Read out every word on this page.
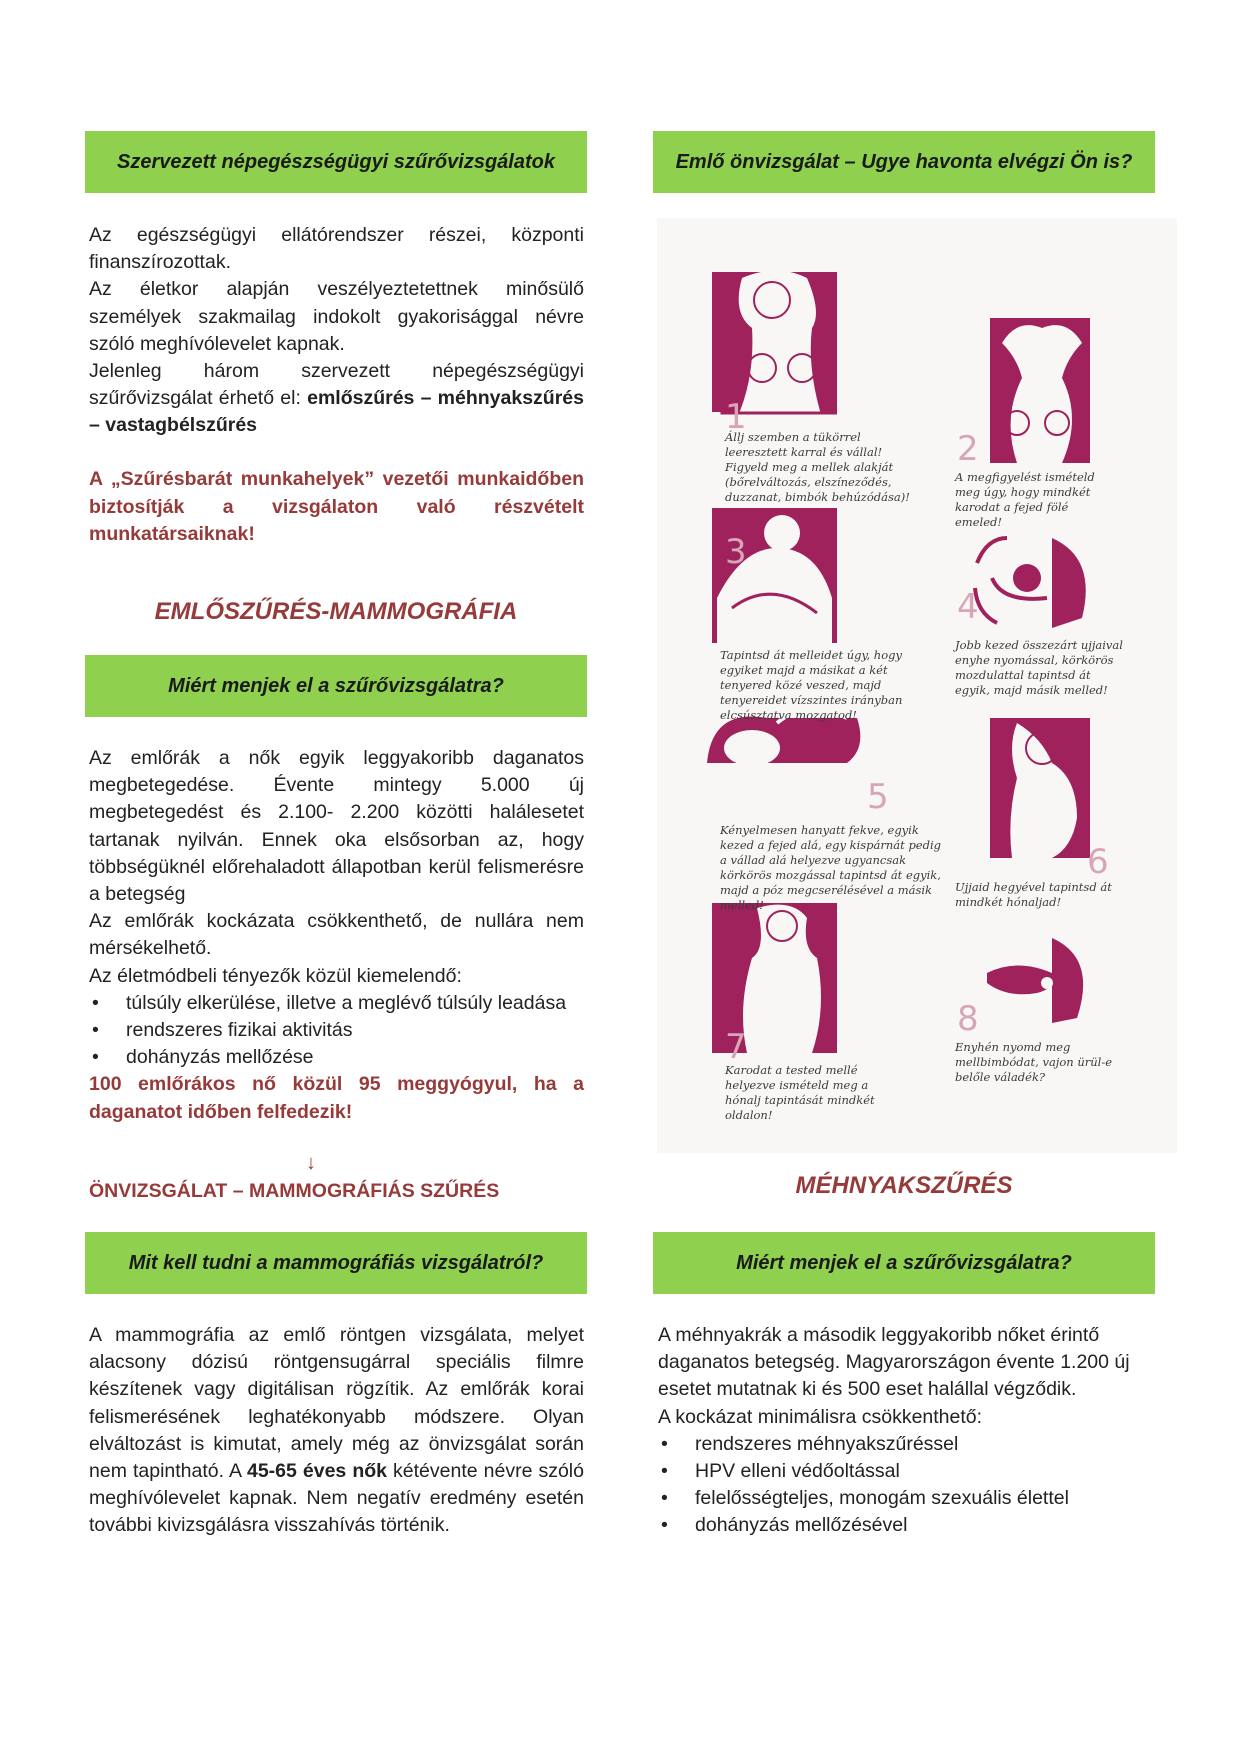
Szervezett népegészségügyi szűrővizsgálatok

Az egészségügyi ellátórendszer részei, központi finanszírozottak.

Az életkor alapján veszélyeztetettnek minősülő személyek szakmailag indokolt gyakorisággal névre szóló meghívólevelet kapnak.

Jelenleg három szervezett népegészségügyi szűrővizsgálat érhető el: emlőszűrés – méhnyakszűrés – vastagbélszűrés

A „Szűrésbarát munkahelyek” vezetői munkaidőben biztosítják a vizsgálaton való részvételt munkatársaiknak!
EMLŐSZŰRÉS-MAMMOGRÁFIA
Miért menjek el a szűrővizsgálatra?

Az emlőrák a nők egyik leggyakoribb daganatos megbetegedése. Évente mintegy 5.000 új megbetegedést és 2.100- 2.200 közötti halálesetet tartanak nyilván. Ennek oka elsősorban az, hogy többségüknél előrehaladott állapotban kerül felismerésre a betegség

Az emlőrák kockázata csökkenthető, de nullára nem mérsékelhető.

Az életmódbeli tényezők közül kiemelendő:

• túlsúly elkerülése, illetve a meglévő túlsúly leadása
• rendszeres fizikai aktivitás
• dohányzás mellőzése

100 emlőrákos nő közül 95 meggyógyul, ha a daganatot időben felfedezik!

↓
ÖNVIZSGÁLAT – MAMMOGRÁFIÁS SZŰRÉS
Mit kell tudni a mammográfiás vizsgálatról?

A mammográfia az emlő röntgen vizsgálata, melyet alacsony dózisú röntgensugárral speciális filmre készítenek vagy digitálisan rögzítik. Az emlőrák korai felismerésének leghatékonyabb módszere. Olyan elváltozást is kimutat, amely még az önvizsgálat során nem tapintható. A 45-65 éves nők kétévente névre szóló meghívólevelet kapnak. Nem negatív eredmény esetén további kivizsgálásra visszahívás történik.

Emlő önvizsgálat – Ugye havonta elvégzi Ön is?
1
2
3
4
5
6
7
8
Állj szemben a tükörrel leeresztett karral és vállal! Figyeld meg a mellek alakját (bőrelváltozás, elszíneződés, duzzanat, bimbók behúzódása)!
A megfigyelést ismételd meg úgy, hogy mindkét karodat a fejed fölé emeled!
Tapintsd át melleidet úgy, hogy egyiket majd a másikat a két tenyered közé veszed, majd tenyereidet vízszintes irányban elcsúsztatva mozgatod!
Jobb kezed összezárt ujjaival enyhe nyomással, körkörös mozdulattal tapintsd át egyik, majd másik melled!
Kényelmesen hanyatt fekve, egyik kezed a fejed alá, egy kispárnát pedig a vállad alá helyezve ugyancsak körkörös mozgással tapintsd át egyik, majd a póz megcserélésével a másik melled!
Ujjaid hegyével tapintsd át mindkét hónaljad!
Karodat a tested mellé helyezve ismételd meg a hónalj tapintását mindkét oldalon!
Enyhén nyomd meg mellbimbódat, vajon ürül-e belőle váladék?
MÉHNYAKSZŰRÉS
Miért menjek el a szűrővizsgálatra?

A méhnyakrák a második leggyakoribb nőket érintő daganatos betegség. Magyarországon évente 1.200 új esetet mutatnak ki és 500 eset halállal végződik.

A kockázat minimálisra csökkenthető:

• rendszeres méhnyakszűréssel
• HPV elleni védőoltással
• felelősségteljes, monogám szexuális élettel
• dohányzás mellőzésével
